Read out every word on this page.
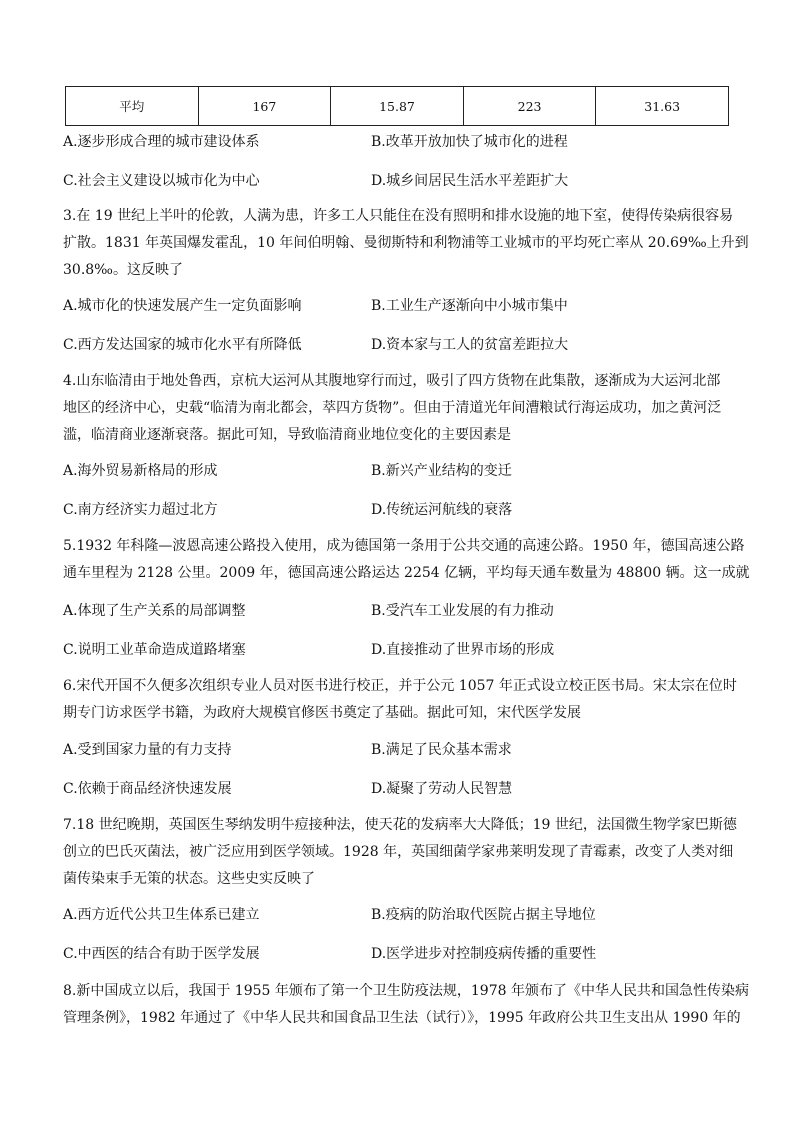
平均	167	15.87	223	31.63
A.逐步形成合理的城市建设体系	B.改革开放加快了城市化的进程
C.社会主义建设以城市化为中心	D.城乡间居民生活水平差距扩大
3.在 19 世纪上半叶的伦敦，人满为患，许多工人只能住在没有照明和排水设施的地下室，使得传染病很容易
扩散。1831 年英国爆发霍乱，10 年间伯明翰、曼彻斯特和利物浦等工业城市的平均死亡率从 20.69‰上升到
30.8‰。这反映了
A.城市化的快速发展产生一定负面影响	B.工业生产逐渐向中小城市集中
C.西方发达国家的城市化水平有所降低	D.资本家与工人的贫富差距拉大
4.山东临清由于地处鲁西，京杭大运河从其腹地穿行而过，吸引了四方货物在此集散，逐渐成为大运河北部
地区的经济中心，史载“临清为南北都会，萃四方货物”。但由于清道光年间漕粮试行海运成功，加之黄河泛
滥，临清商业逐渐衰落。据此可知，导致临清商业地位变化的主要因素是
A.海外贸易新格局的形成	B.新兴产业结构的变迁
C.南方经济实力超过北方	D.传统运河航线的衰落
5.1932 年科隆—波恩高速公路投入使用，成为德国第一条用于公共交通的高速公路。1950 年，德国高速公路
通车里程为 2128 公里。2009 年，德国高速公路运达 2254 亿辆，平均每天通车数量为 48800 辆。这一成就
A.体现了生产关系的局部调整	B.受汽车工业发展的有力推动
C.说明工业革命造成道路堵塞	D.直接推动了世界市场的形成
6.宋代开国不久便多次组织专业人员对医书进行校正，并于公元 1057 年正式设立校正医书局。宋太宗在位时
期专门访求医学书籍，为政府大规模官修医书奠定了基础。据此可知，宋代医学发展
A.受到国家力量的有力支持	B.满足了民众基本需求
C.依赖于商品经济快速发展	D.凝聚了劳动人民智慧
7.18 世纪晚期，英国医生琴纳发明牛痘接种法，使天花的发病率大大降低；19 世纪，法国微生物学家巴斯德
创立的巴氏灭菌法，被广泛应用到医学领域。1928 年，英国细菌学家弗莱明发现了青霉素，改变了人类对细
菌传染束手无策的状态。这些史实反映了
A.西方近代公共卫生体系已建立	B.疫病的防治取代医院占据主导地位
C.中西医的结合有助于医学发展	D.医学进步对控制疫病传播的重要性
8.新中国成立以后，我国于 1955 年颁布了第一个卫生防疫法规，1978 年颁布了《中华人民共和国急性传染病
管理条例》，1982 年通过了《中华人民共和国食品卫生法（试行）》，1995 年政府公共卫生支出从 1990 年的
